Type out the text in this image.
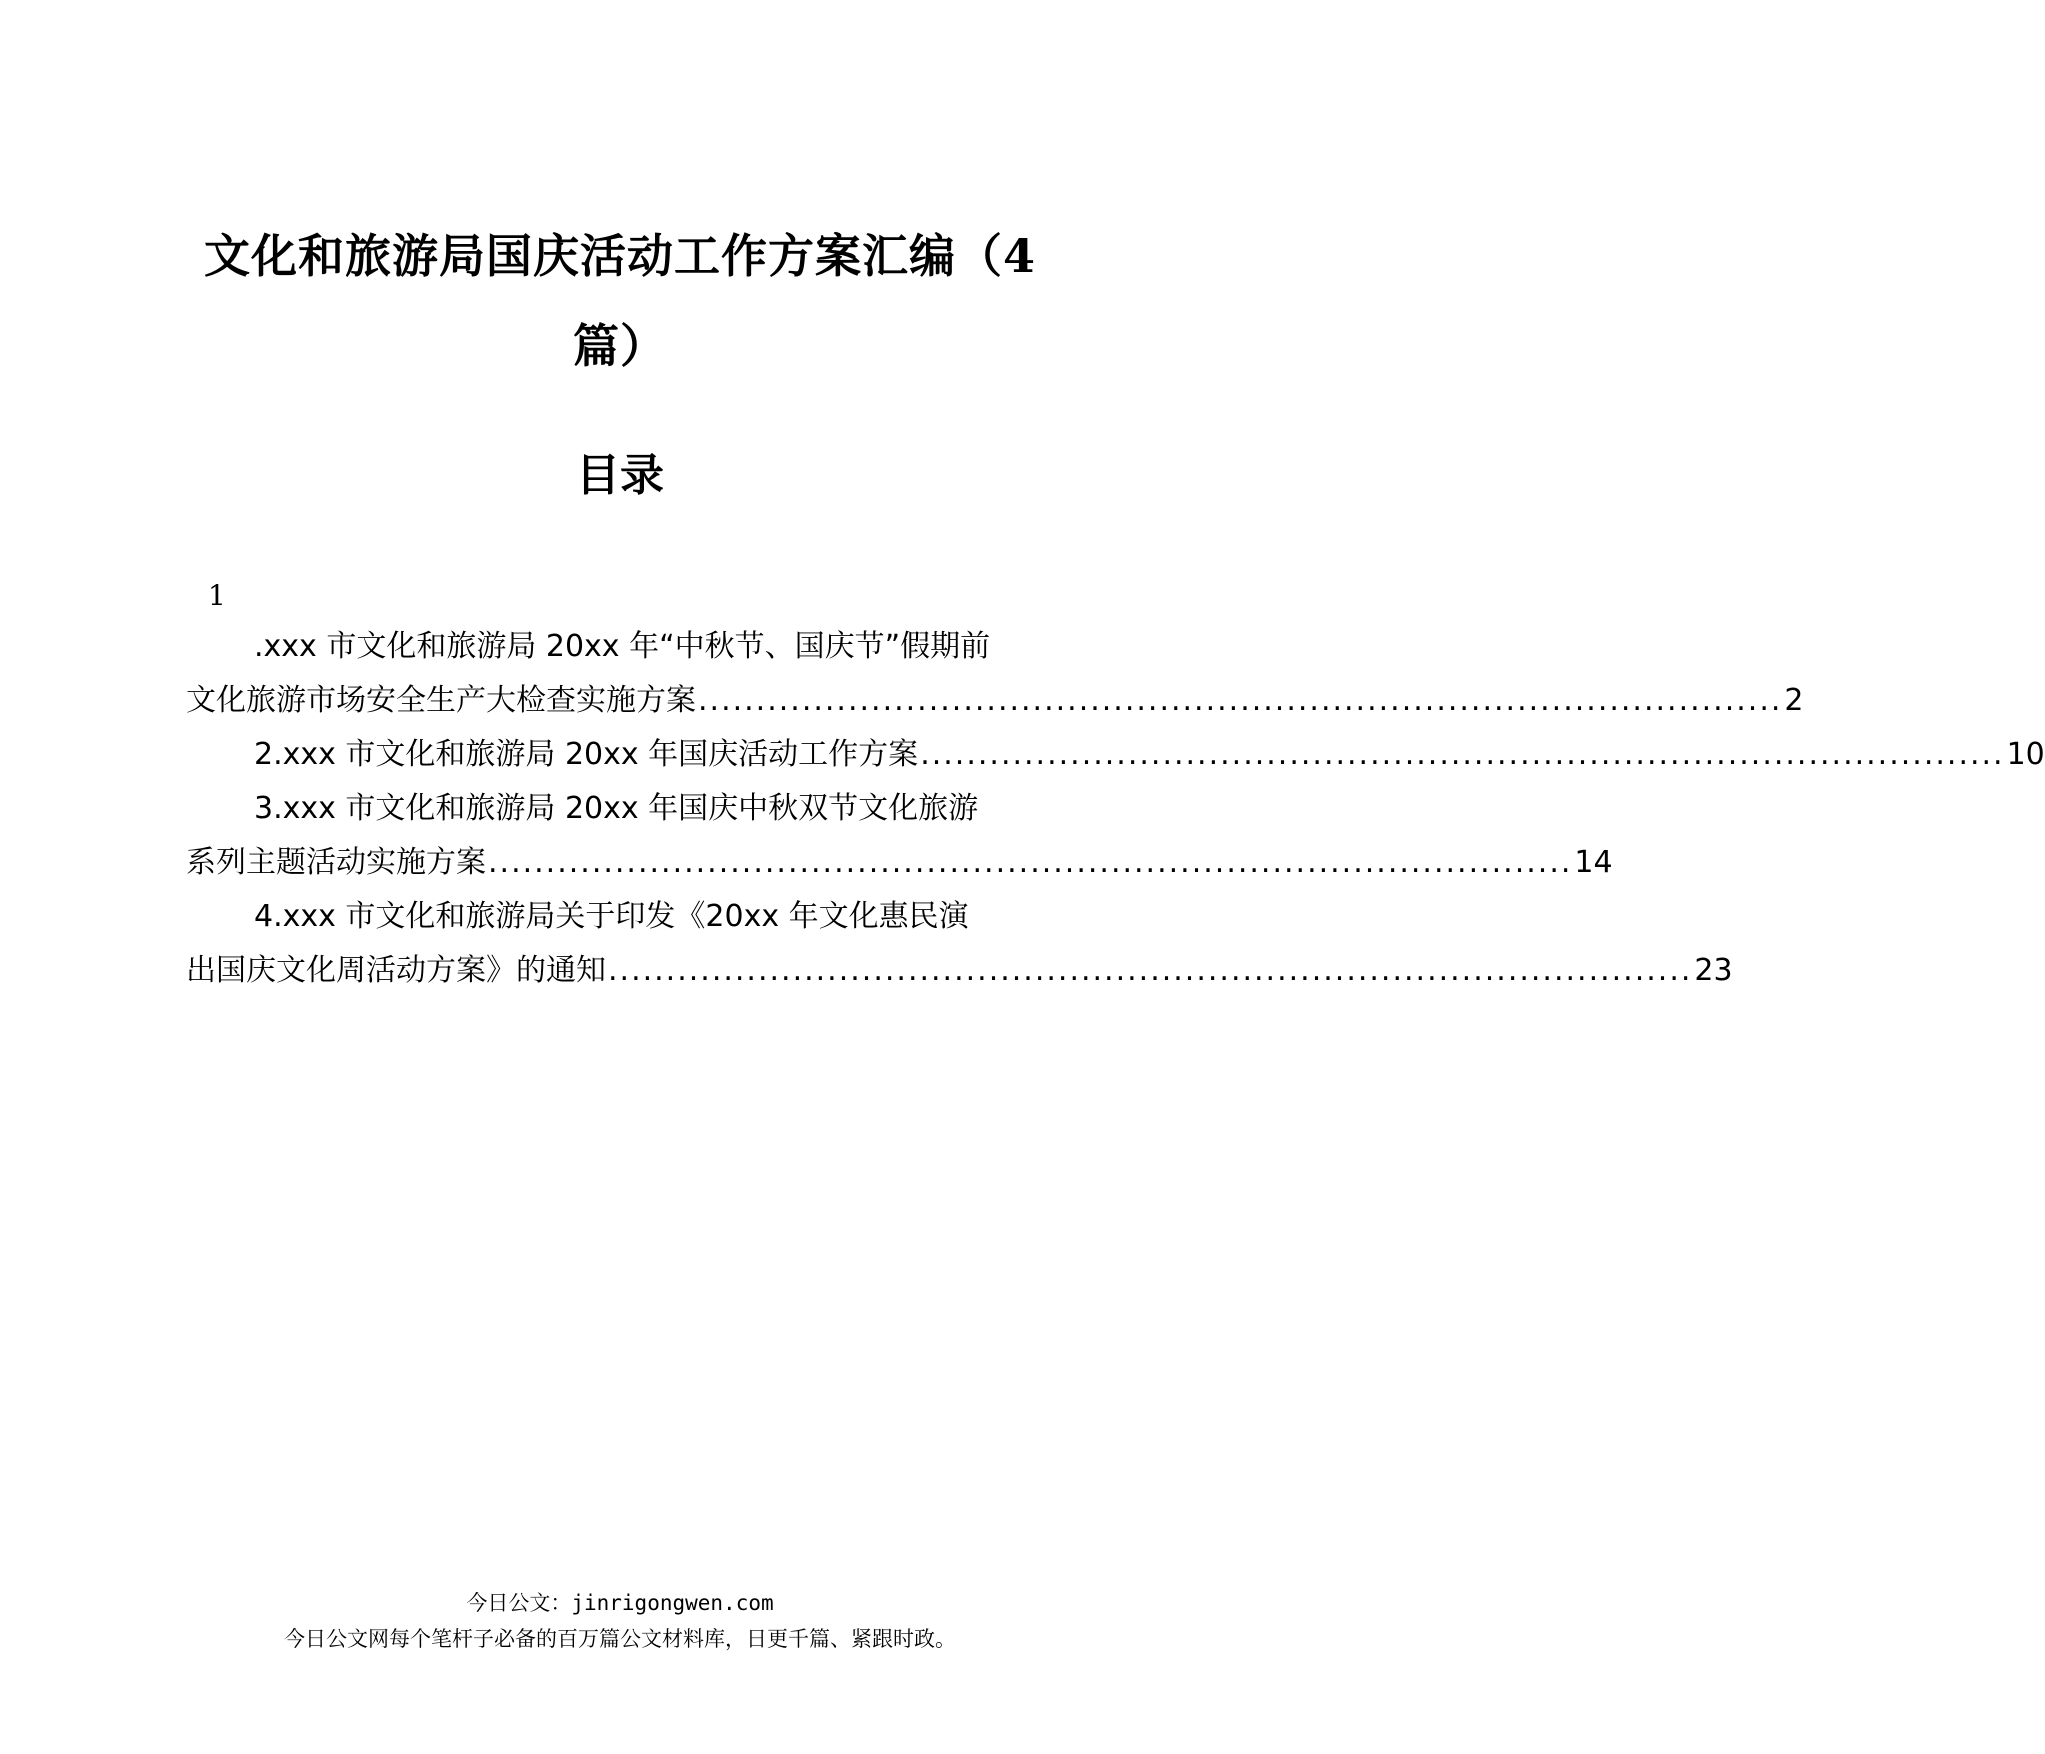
文化和旅游局国庆活动工作方案汇编（4
篇）
目录
1
.xxx 市文化和旅游局 20xx 年“中秋节、国庆节”假期前
文化旅游市场安全生产大检查实施方案 .............................................................................................. 2
2.xxx 市文化和旅游局 20xx 年国庆活动工作方案 .............................................................................................. 10
3.xxx 市文化和旅游局 20xx 年国庆中秋双节文化旅游
系列主题活动实施方案 .............................................................................................. 14
4.xxx 市文化和旅游局关于印发《20xx 年文化惠民演
出国庆文化周活动方案》的通知 .............................................................................................. 23
今日公文：jinrigongwen.com
今日公文网每个笔杆子必备的百万篇公文材料库，日更千篇、紧跟时政。
